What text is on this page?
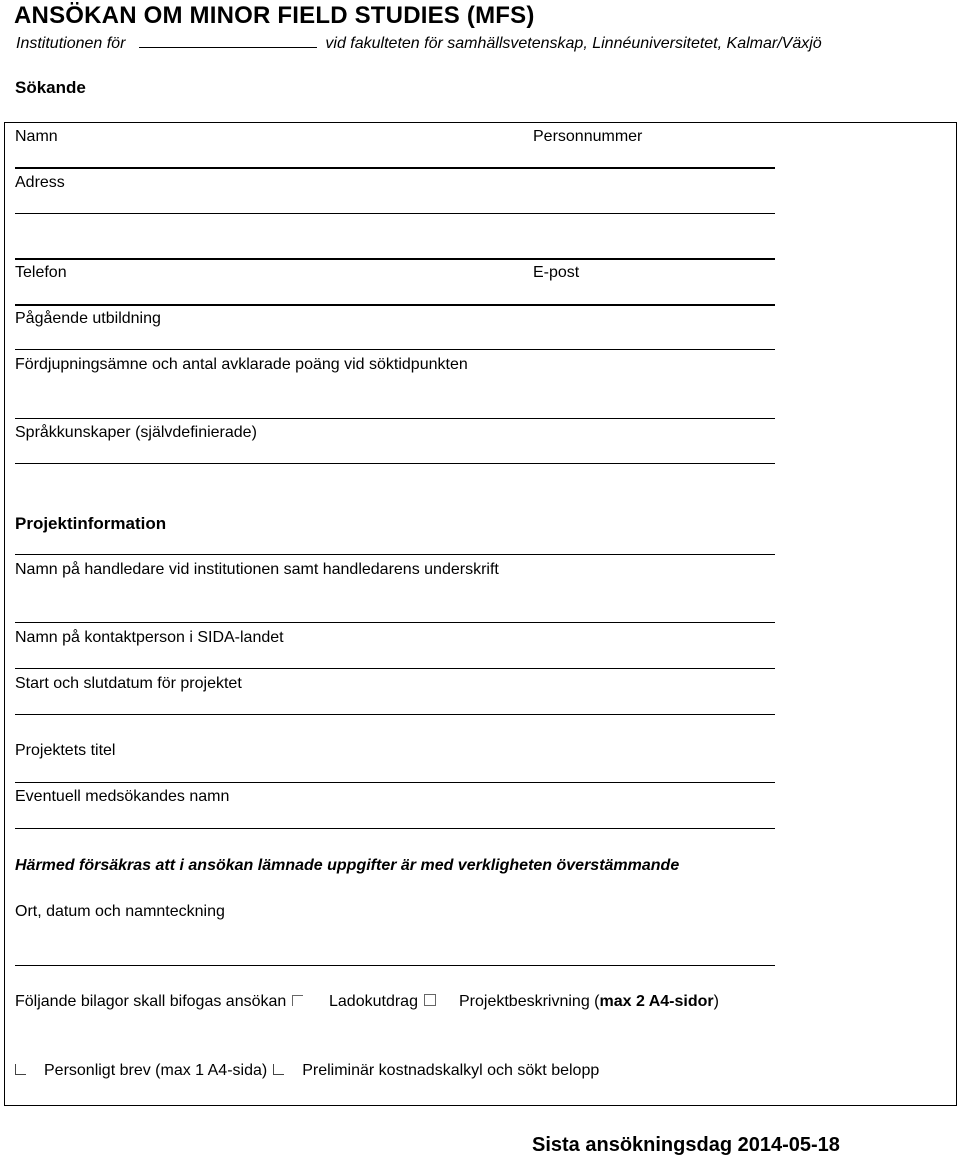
ANSÖKAN OM MINOR FIELD STUDIES (MFS)
Institutionen för	vid fakulteten för samhällsvetenskap, Linnéuniversitetet, Kalmar/Växjö
Sökande
Namn	Personnummer
Adress
Telefon	E-post
Pågående utbildning
Fördjupningsämne och antal avklarade poäng vid söktidpunkten
Språkkunskaper (självdefinierade)
Projektinformation
Namn på handledare vid institutionen samt handledarens underskrift
Namn på kontaktperson i SIDA-landet
Start och slutdatum för projektet
Projektets titel
Eventuell medsökandes namn
Härmed försäkras att i ansökan lämnade uppgifter är med verkligheten överstämmande
Ort, datum och namnteckning
Följande bilagor skall bifogas ansökan	Ladokutdrag	Projektbeskrivning (max 2 A4-sidor)
Personligt brev (max 1 A4-sida) Preliminär kostnadskalkyl och sökt belopp
Sista ansökningsdag 2014-05-18
